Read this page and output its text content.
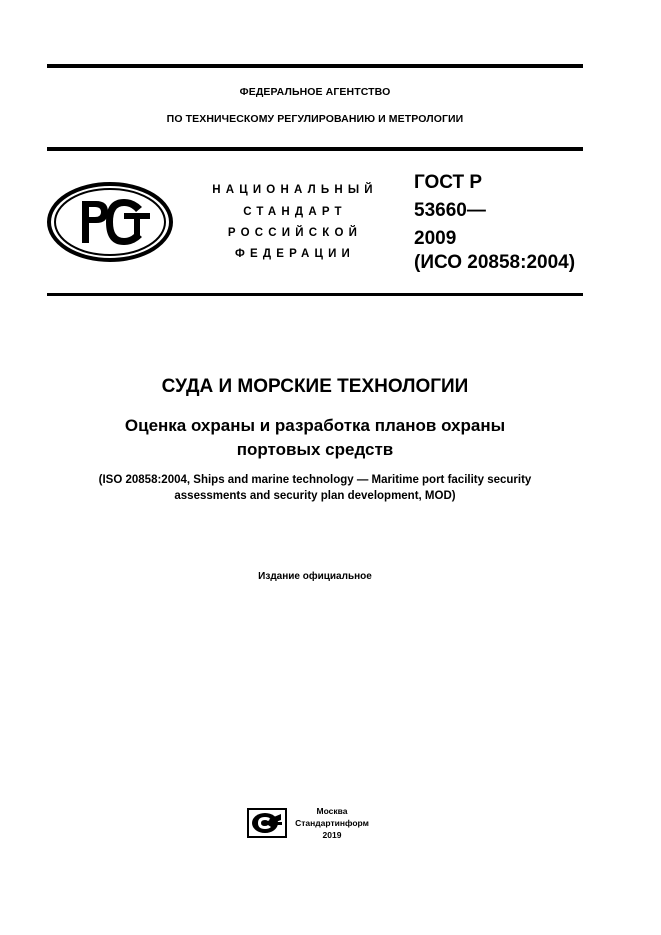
ФЕДЕРАЛЬНОЕ АГЕНТСТВО
ПО ТЕХНИЧЕСКОМУ РЕГУЛИРОВАНИЮ И МЕТРОЛОГИИ
НАЦИОНАЛЬНЫЙ
СТАНДАРТ
РОССИЙСКОЙ
ФЕДЕРАЦИИ
ГОСТ Р
53660—
2009
(ИСО 20858:2004)
СУДА И МОРСКИЕ ТЕХНОЛОГИИ
Оценка охраны и разработка планов охраны
портовых средств
(ISO 20858:2004, Ships and marine technology — Maritime port facility security
assessments and security plan development, MOD)
Издание официальное
Москва
Стандартинформ
2019
